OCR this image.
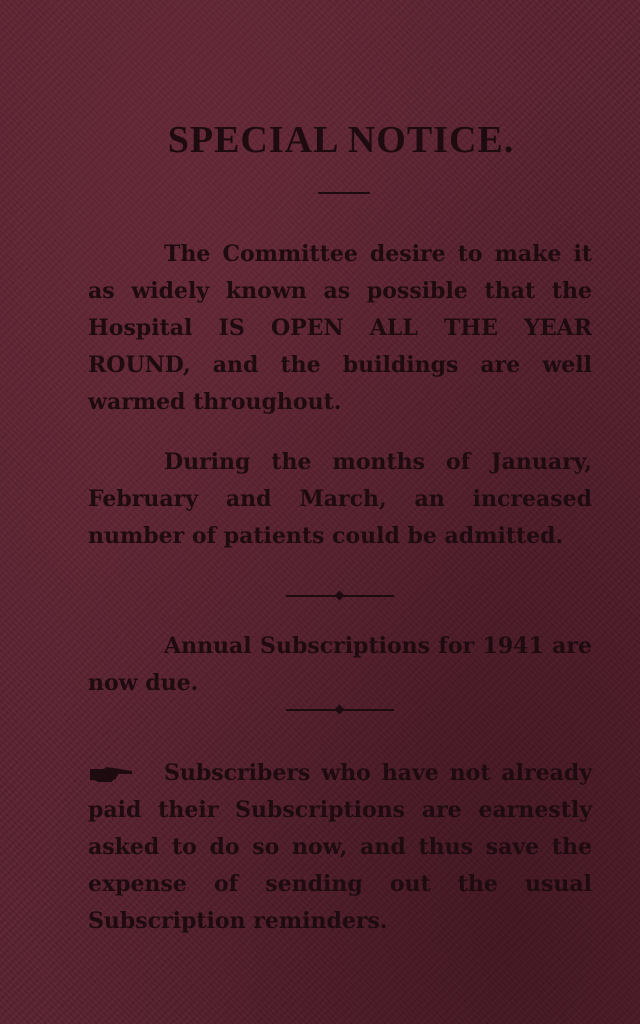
SPECIAL NOTICE.

The Committee desire to make it as widely known as possible that the Hospital IS OPEN ALL THE YEAR ROUND, and the buildings are well warmed throughout.

During the months of January, February and March, an increased number of patients could be admitted.

Annual Subscriptions for 1941 are now due.

Subscribers who have not already paid their Subscriptions are earnestly asked to do so now, and thus save the expense of sending out the usual Subscription reminders.
